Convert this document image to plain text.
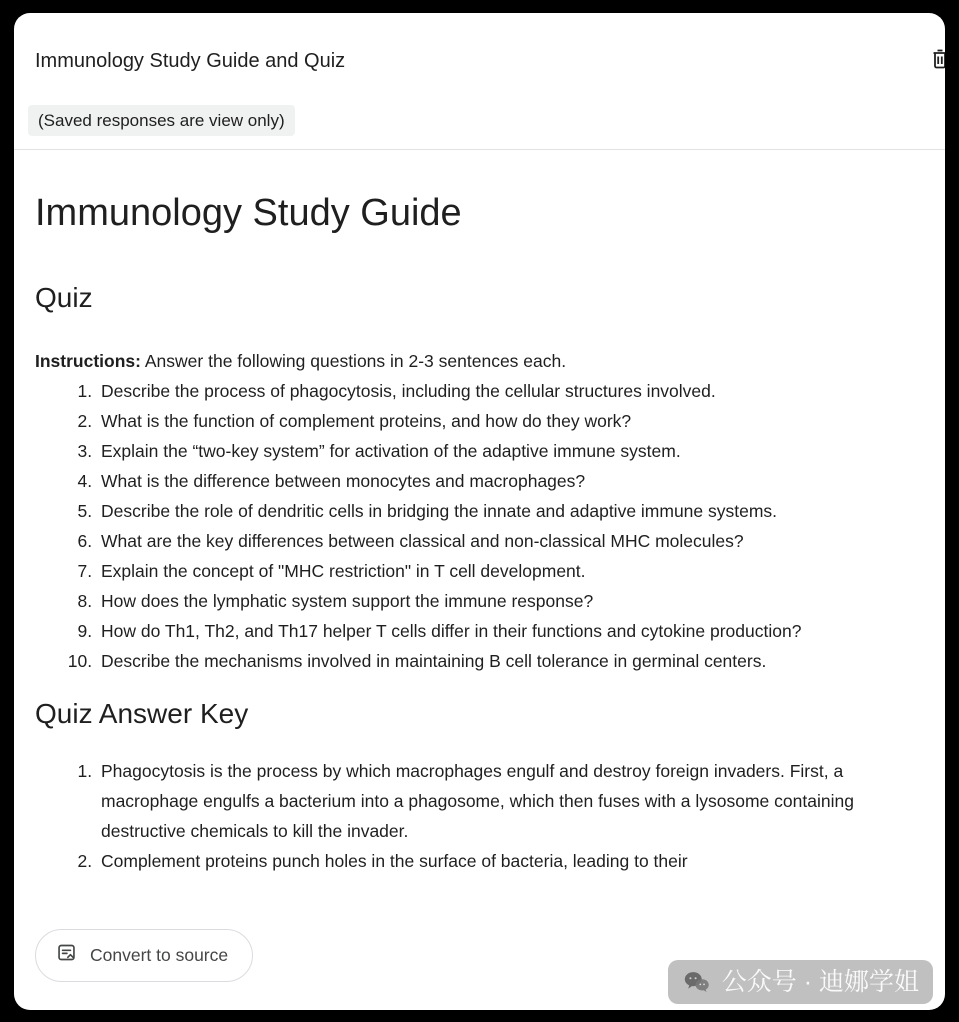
Immunology Study Guide and Quiz
(Saved responses are view only)
Immunology Study Guide
Quiz

Instructions: Answer the following questions in 2-3 sentences each.

1. Describe the process of phagocytosis, including the cellular structures involved.
2. What is the function of complement proteins, and how do they work?
3. Explain the “two-key system” for activation of the adaptive immune system.
4. What is the difference between monocytes and macrophages?
5. Describe the role of dendritic cells in bridging the innate and adaptive immune systems.
6. What are the key differences between classical and non-classical MHC molecules?
7. Explain the concept of "MHC restriction" in T cell development.
8. How does the lymphatic system support the immune response?
9. How do Th1, Th2, and Th17 helper T cells differ in their functions and cytokine production?
10. Describe the mechanisms involved in maintaining B cell tolerance in germinal centers.
Quiz Answer Key
1. Phagocytosis is the process by which macrophages engulf and destroy foreign invaders. First, a macrophage engulfs a bacterium into a phagosome, which then fuses with a lysosome containing destructive chemicals to kill the invader.
2. Complement proteins punch holes in the surface of bacteria, leading to their
Convert to source
公众号 · 迪娜学姐
